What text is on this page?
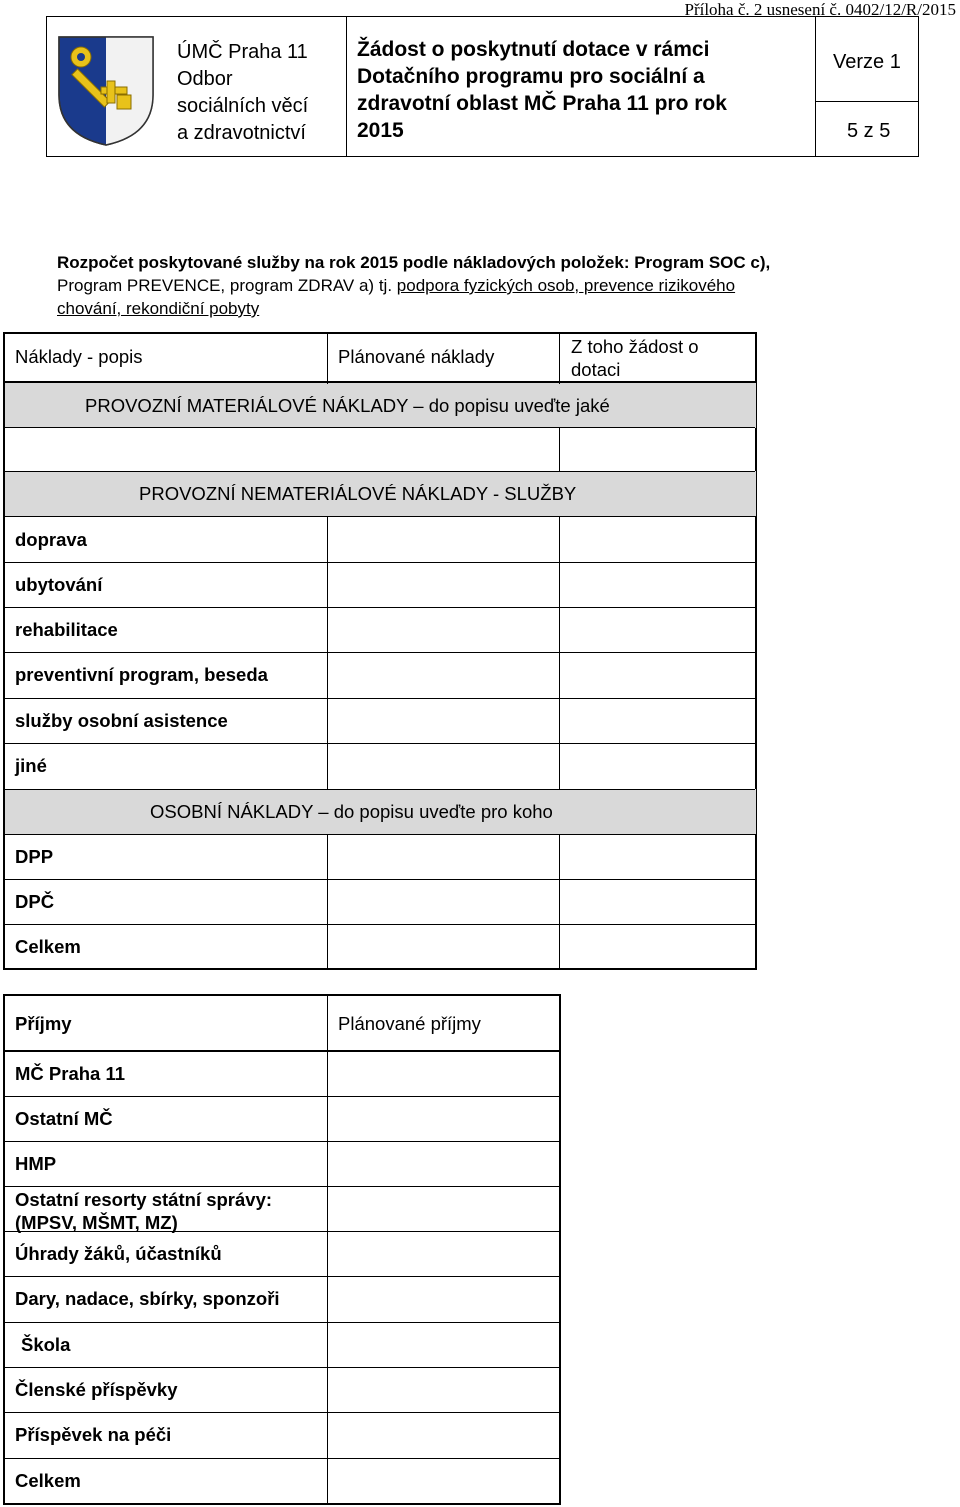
Příloha č. 2 usnesení č. 0402/12/R/2015
ÚMČ Praha 11
Odbor
sociálních věcí
a zdravotnictví
Žádost o poskytnutí dotace v rámci
Dotačního programu pro sociální a
zdravotní oblast MČ Praha 11 pro rok
2015
Verze 1
5 z 5
Rozpočet poskytované služby na rok 2015 podle nákladových položek: Program SOC c),
Program PREVENCE, program ZDRAV a) tj. podpora fyzických osob, prevence rizikového
chování, rekondiční pobyty
Náklady - popis	Plánované náklady	Z toho žádost o
dotaci
PROVOZNÍ MATERIÁLOVÉ NÁKLADY – do popisu uveďte jaké
PROVOZNÍ NEMATERIÁLOVÉ NÁKLADY - SLUŽBY
doprava
ubytování
rehabilitace
preventivní program, beseda
služby osobní asistence
jiné
OSOBNÍ NÁKLADY – do popisu uveďte pro koho
DPP
DPČ
Celkem
Příjmy	Plánované příjmy
MČ Praha 11
Ostatní MČ
HMP
Ostatní resorty státní správy:
(MPSV, MŠMT, MZ)
Úhrady žáků, účastníků
Dary, nadace, sbírky, sponzoři
Škola
Členské příspěvky
Příspěvek na péči
Celkem
